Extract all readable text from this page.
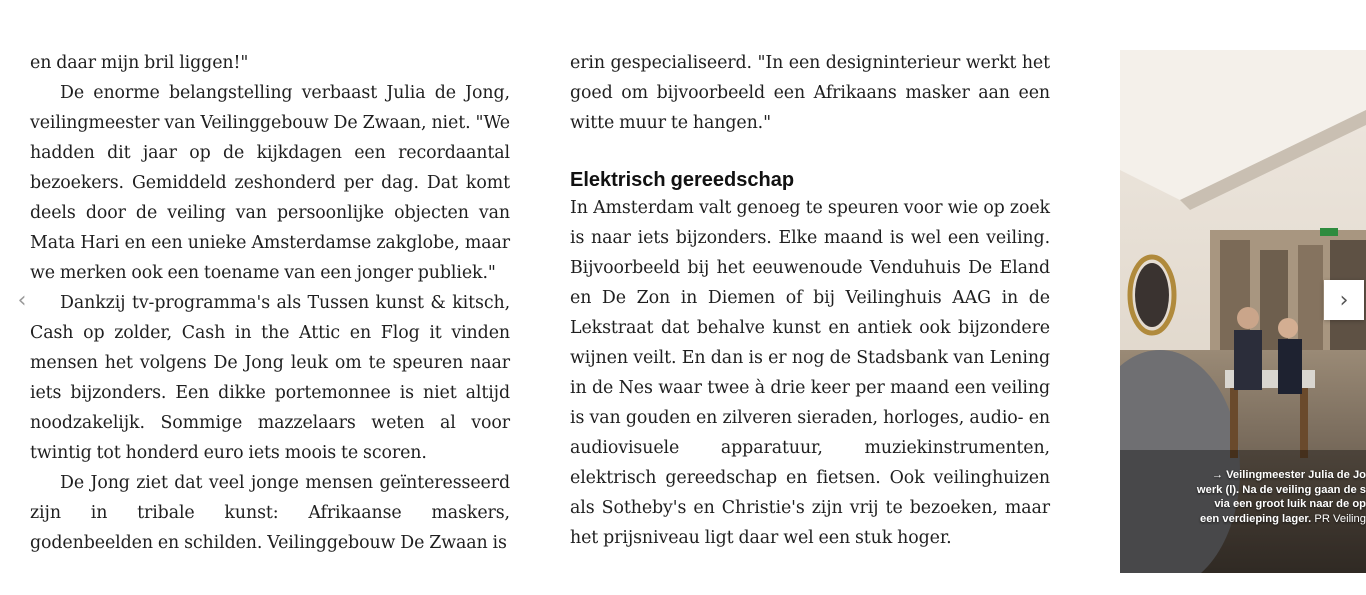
en daar mijn bril liggen!"

De enorme belangstelling verbaast Julia de Jong, veilingmeester van Veilinggebouw De Zwaan, niet. "We hadden dit jaar op de kijkdagen een recordaantal bezoekers. Gemiddeld zeshonderd per dag. Dat komt deels door de veiling van persoonlijke objecten van Mata Hari en een unieke Amsterdamse zakglobe, maar we merken ook een toename van een jonger publiek."

Dankzij tv-programma's als Tussen kunst & kitsch, Cash op zolder, Cash in the Attic en Flog it vinden mensen het volgens De Jong leuk om te speuren naar iets bijzonders. Een dikke portemonnee is niet altijd noodzakelijk. Sommige mazzelaars weten al voor twintig tot honderd euro iets moois te scoren.

De Jong ziet dat veel jonge mensen geïnteresseerd zijn in tribale kunst: Afrikaanse maskers, godenbeelden en schilden. Veilinggebouw De Zwaan is

erin gespecialiseerd. "In een designinterieur werkt het goed om bijvoorbeeld een Afrikaans masker aan een witte muur te hangen."

Elektrisch gereedschap

In Amsterdam valt genoeg te speuren voor wie op zoek is naar iets bijzonders. Elke maand is wel een veiling. Bijvoorbeeld bij het eeuwenoude Venduhuis De Eland en De Zon in Diemen of bij Veilinghuis AAG in de Lekstraat dat behalve kunst en antiek ook bijzondere wijnen veilt. En dan is er nog de Stadsbank van Lening in de Nes waar twee à drie keer per maand een veiling is van gouden en zilveren sieraden, horloges, audio- en audiovisuele apparatuur, muziekinstrumenten, elektrisch gereedschap en fietsen. Ook veilinghuizen als Sotheby's en Christie's zijn vrij te bezoeken, maar het prijsniveau ligt daar wel een stuk hoger.

‹
→ Veilingmeester Julia de Jo
werk (l). Na de veiling gaan de s
via een groot luik naar de op
een verdieping lager. PR Veiling
›
